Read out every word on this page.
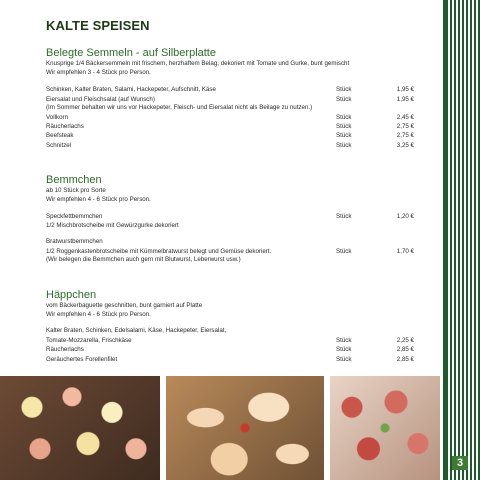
3
KALTE SPEISEN
Belegte Semmeln - auf Silberplatte
Knusprige 1/4 Bäckersemmeln mit frischem, herzhaftem Belag, dekoriert mit Tomate und Gurke, bunt gemischt
Wir empfehlen 3 - 4 Stück pro Person.
Schinken, Kalter Braten, Salami, Hackepeter, Aufschnitt, Käse	Stück	1,95 €
Eiersalat und Fleischsalat (auf Wunsch)	Stück	1,95 €
(Im Sommer behalten wir uns vor Hackepeter, Fleisch- und Eiersalat nicht als Beilage zu nutzen.)
Vollkorn	Stück	2,45 €
Räucherlachs	Stück	2,75 €
Beefsteak	Stück	2,75 €
Schnitzel	Stück	3,25 €
Bemmchen
ab 10 Stück pro Sorte
Wir empfehlen 4 - 6 Stück pro Person.
Speckfettbemmchen	Stück	1,20 €
1/2 Mischbrotscheibe mit Gewürzgurke dekoriert
Bratwurstbemmchen
1/2 Roggenkastenbrotscheibe mit Kümmelbratwurst belegt und Gemüse dekoriert.	Stück	1,70 €
(Wir belegen die Bemmchen auch gern mit Blutwurst, Leberwurst usw.)
Häppchen
vom Bäckerbaguette geschnitten, bunt garniert auf Platte
Wir empfehlen 4 - 6 Stück pro Person.
Kalter Braten, Schinken, Edelsalami, Käse, Hackepeter, Eiersalat,
Tomate-Mozzarella, Frischkäse	Stück	2,25 €
Räucherlachs	Stück	2,85 €
Geräuchertes Forellenfilet	Stück	2,85 €
